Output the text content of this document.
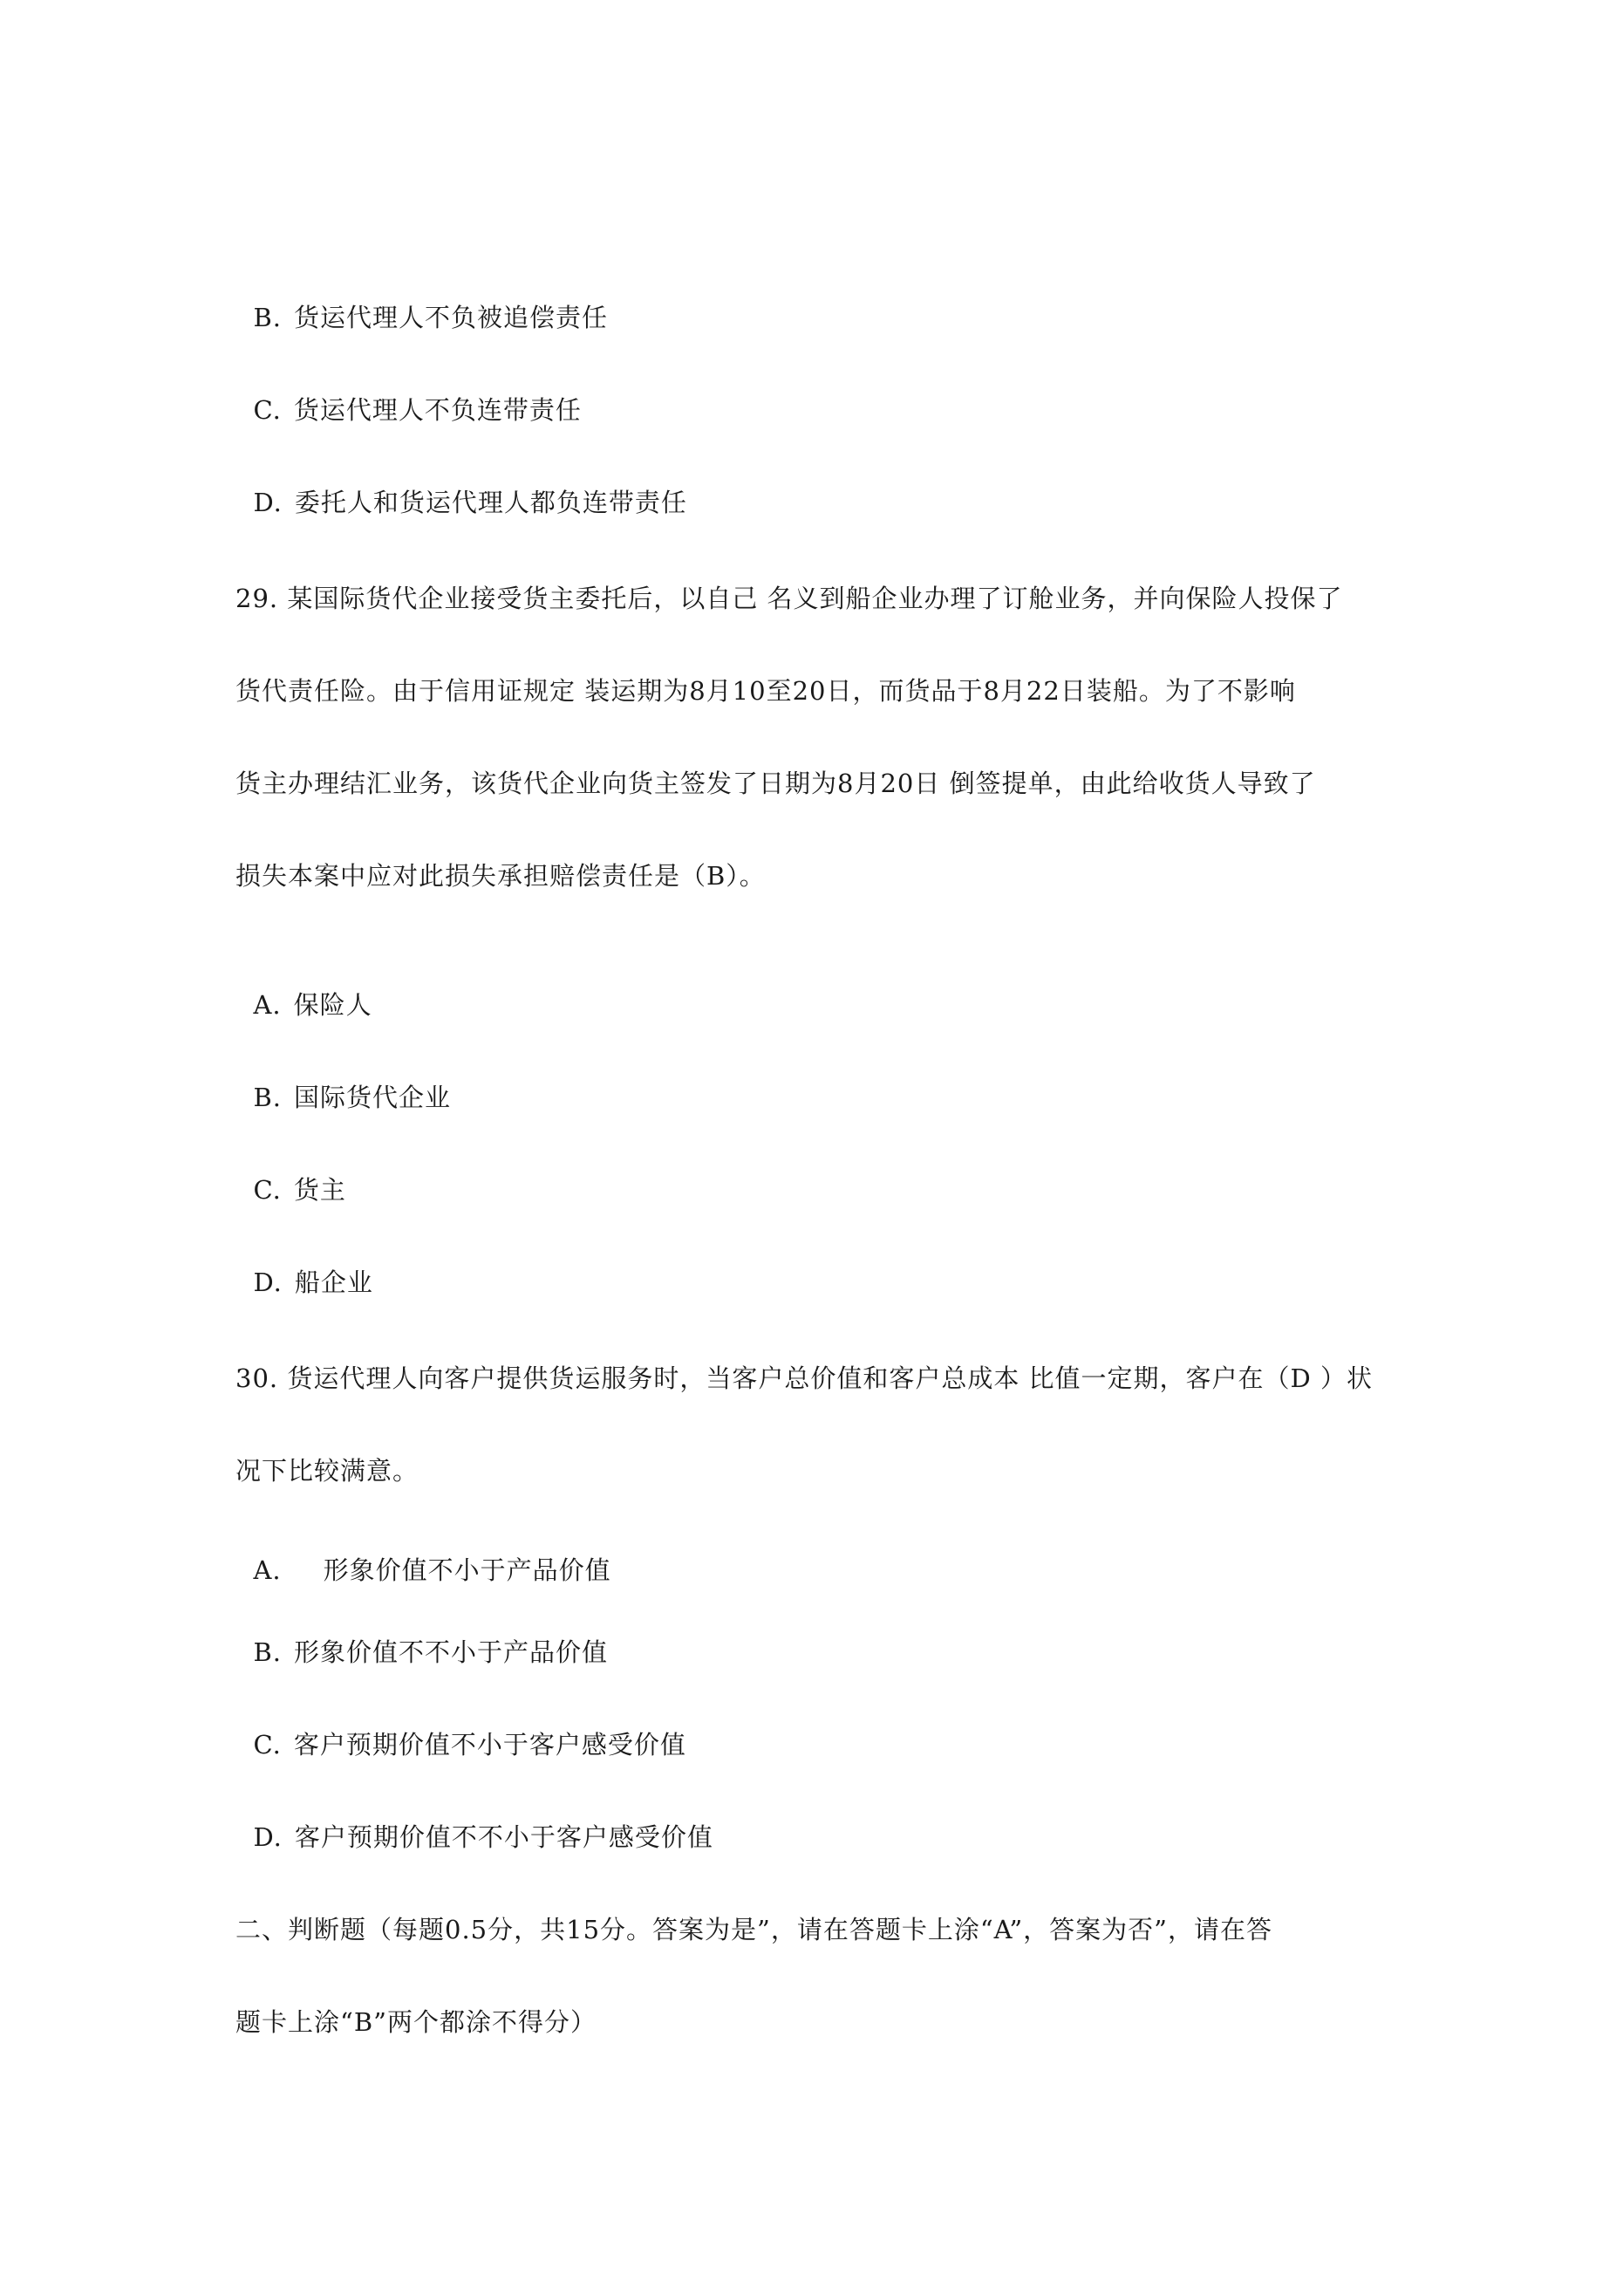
B. 货运代理人不负被追偿责任

C. 货运代理人不负连带责任

D. 委托人和货运代理人都负连带责任

29. 某国际货代企业接受货主委托后，以自己 名义到船企业办理了订舱业务，并向保险人投保了
货代责任险。由于信用证规定 装运期为8月10至20日，而货品于8月22日装船。为了不影响
货主办理结汇业务，该货代企业向货主签发了日期为8月20日 倒签提单，由此给收货人导致了
损失本案中应对此损失承担赔偿责任是（B）。

A. 保险人

B. 国际货代企业

C. 货主

D. 船企业

30. 货运代理人向客户提供货运服务时，当客户总价值和客户总成本 比值一定期，客户在（D ）状
况下比较满意。

A. 形象价值不小于产品价值

B. 形象价值不不小于产品价值

C. 客户预期价值不小于客户感受价值

D. 客户预期价值不不小于客户感受价值

二、判断题（每题0.5分，共15分。答案为是”，请在答题卡上涂“A”，答案为否”，请在答
题卡上涂“B”两个都涂不得分）
